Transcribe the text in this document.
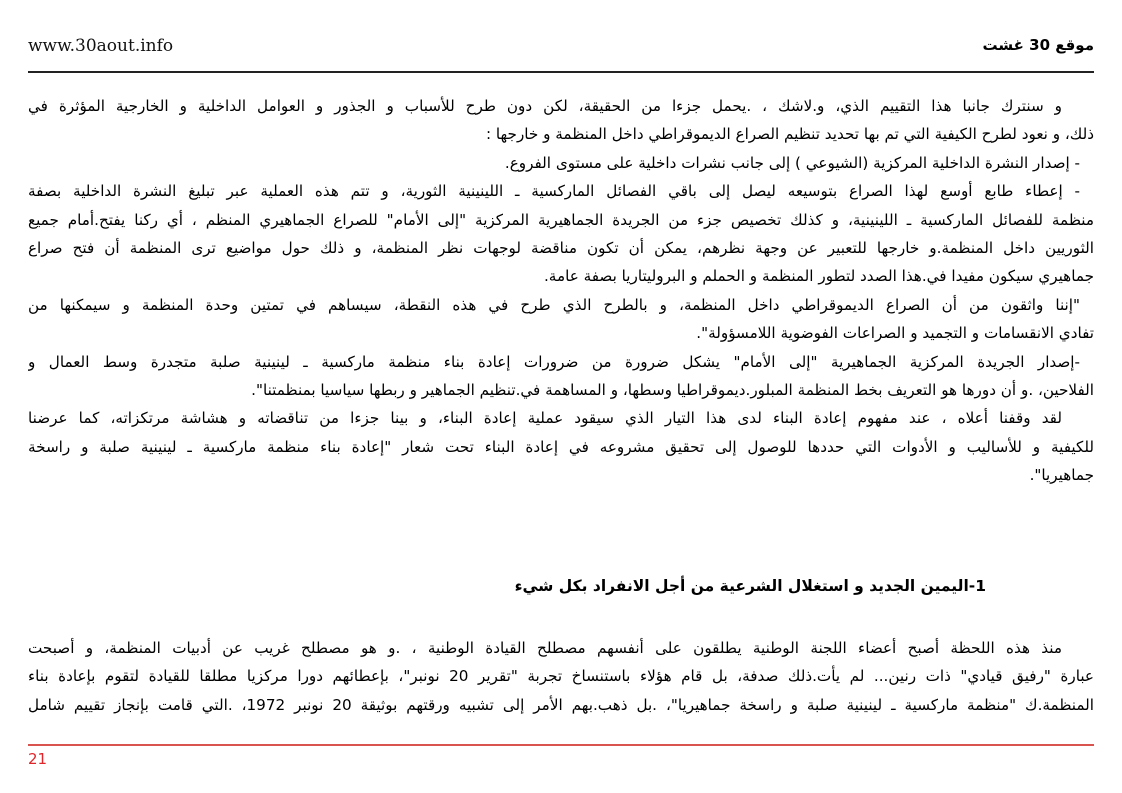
www.30aout.info	موقع 30 غشت
و سنترك جانبا هذا التقييم الذي، و.لاشك ، .يحمل جزءا من الحقيقة، لكن دون طرح للأسباب و الجذور و العوامل الداخلية و الخارجية المؤثرة في
ذلك، و نعود لطرح الكيفية التي تم بها تحديد تنظيم الصراع الديموقراطي داخل المنظمة و خارجها :
- إصدار النشرة الداخلية المركزية (الشيوعي ) إلى جانب نشرات داخلية على مستوى الفروع.
- إعطاء طابع أوسع لهذا الصراع بتوسيعه ليصل إلى باقي الفصائل الماركسية ـ اللينينية الثورية، و تتم هذه العملية عبر تبليغ النشرة الداخلية بصفة
منظمة للفصائل الماركسية ـ اللينينية، و كذلك تخصيص جزء من الجريدة الجماهيرية المركزية "إلى الأمام" للصراع الجماهيري المنظم ، أي ركنا يفتح.أمام جميع
الثوريين داخل المنظمة.و خارجها للتعبير عن وجهة نظرهم، يمكن أن تكون مناقضة لوجهات نظر المنظمة، و ذلك حول مواضيع ترى المنظمة أن فتح صراع
جماهيري سيكون مفيدا في.هذا الصدد لتطور المنظمة و الحملم و البروليتاريا بصفة عامة.
"إننا واثقون من أن الصراع الديموقراطي داخل المنظمة، و بالطرح الذي طرح في هذه النقطة، سيساهم في تمتين وحدة المنظمة و سيمكنها من
تفادي الانقسامات و التجميد و الصراعات الفوضوية اللامسؤولة".
-إصدار الجريدة المركزية الجماهيرية "إلى الأمام" يشكل ضرورة من ضرورات إعادة بناء منظمة ماركسية ـ لينينية صلبة متجدرة وسط العمال و
الفلاحين، .و أن دورها هو التعريف بخط المنظمة المبلور.ديموقراطيا وسطها، و المساهمة في.تنظيم الجماهير و ربطها سياسيا بمنظمتنا".
لقد وقفنا أعلاه ، عند مفهوم إعادة البناء لدى هذا التيار الذي سيقود عملية إعادة البناء، و بينا جزءا من تناقضاته و هشاشة مرتكزاته، كما عرضنا
للكيفية و للأساليب و الأدوات التي حددها للوصول إلى تحقيق مشروعه في إعادة البناء تحت شعار "إعادة بناء منظمة ماركسية ـ لينينية صلبة و راسخة
جماهيريا".
1-اليمين الجديد و استغلال الشرعية من أجل الانفراد بكل شيء
منذ هذه اللحظة أصبح أعضاء اللجنة الوطنية يطلقون على أنفسهم مصطلح القيادة الوطنية ، .و هو مصطلح غريب عن أدبيات المنظمة، و أصبحت
عبارة "رفيق قيادي" ذات رنين... لم يأت.ذلك صدفة، بل قام هؤلاء باستنساخ تجربة "تقرير 20 نونبر"، بإعطائهم دورا مركزيا مطلقا للقيادة لتقوم بإعادة بناء
المنظمة.ك "منظمة ماركسية ـ لينينية صلبة و راسخة جماهيريا"، .بل ذهب.بهم الأمر إلى تشبيه ورقتهم بوثيقة 20 نونبر 1972، .التي قامت بإنجاز تقييم شامل
21
